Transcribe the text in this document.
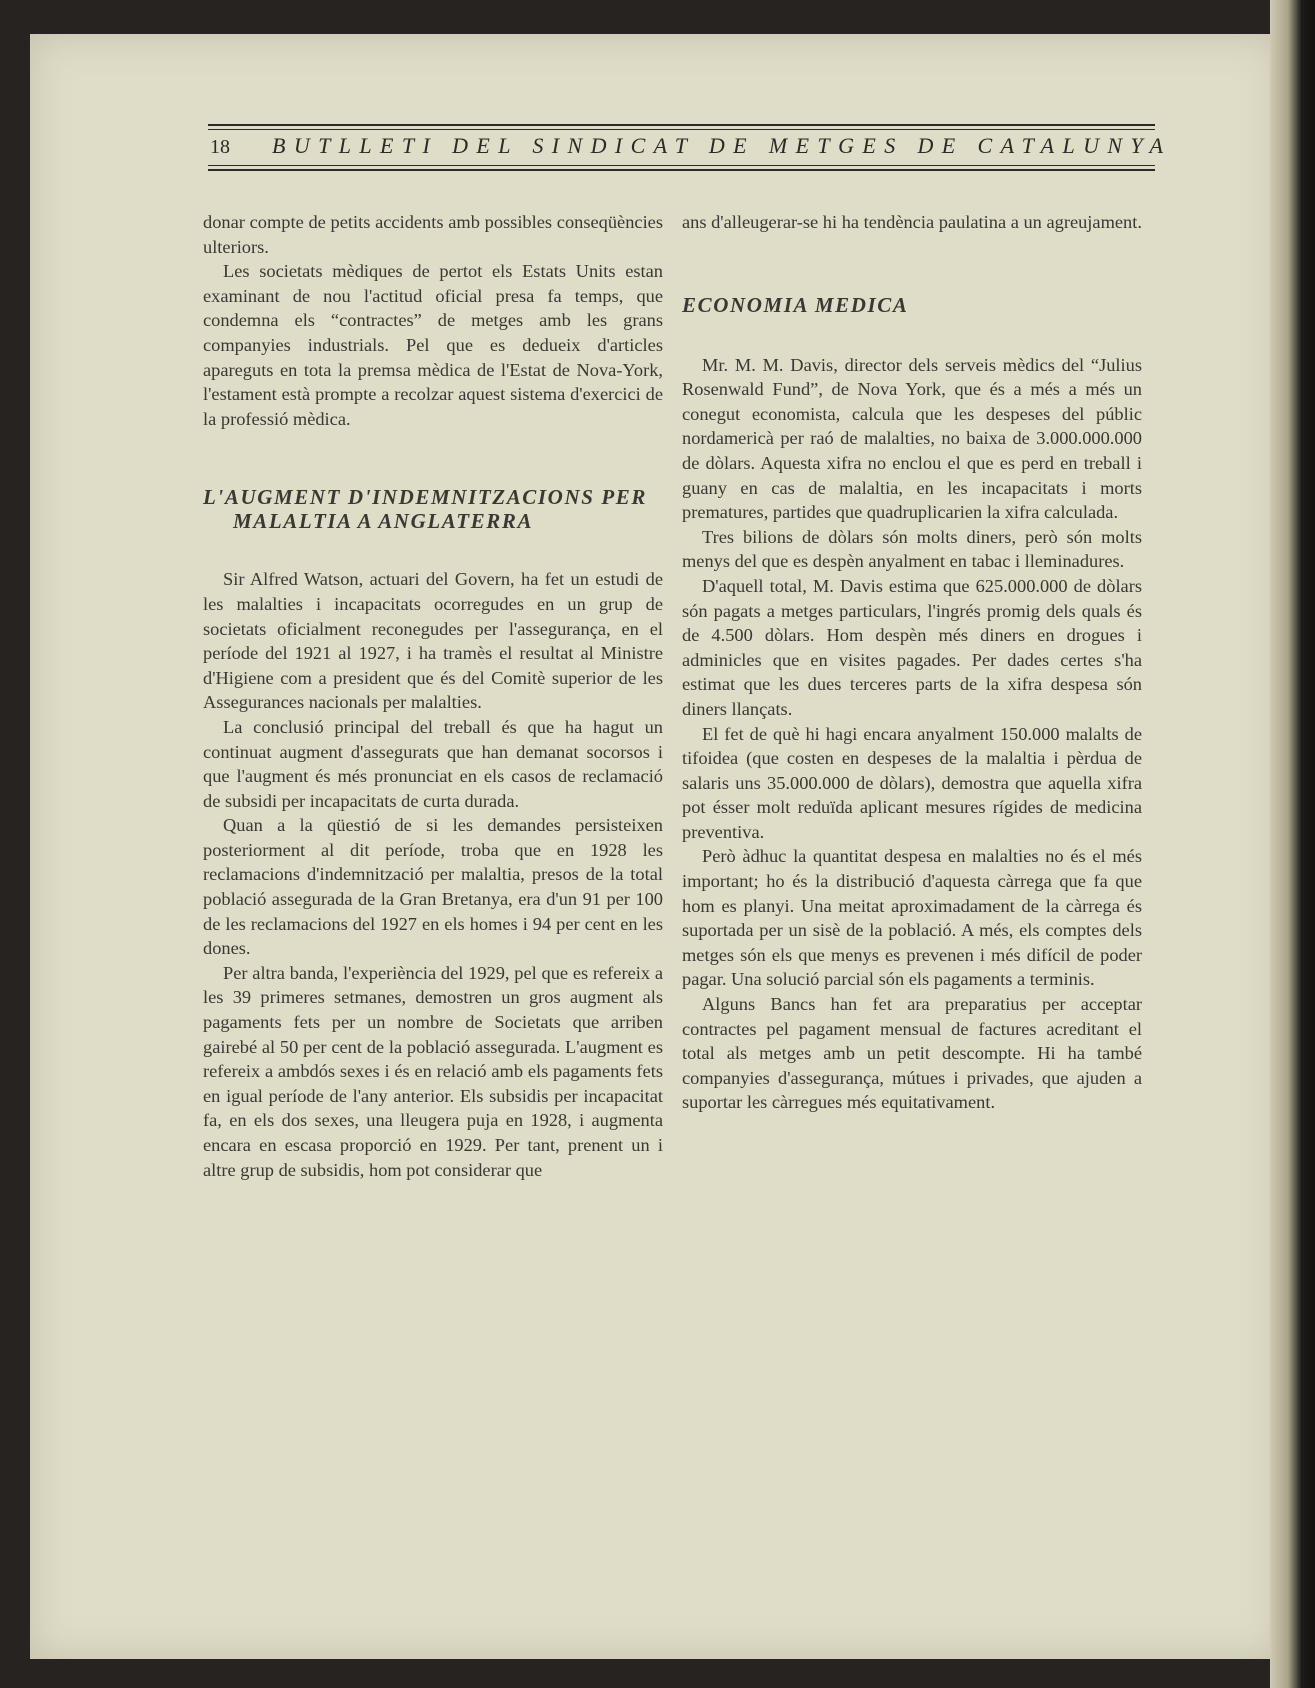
18 BUTLLETI DEL SINDICAT DE METGES DE CATALUNYA

donar compte de petits accidents amb possibles conseqüències ulteriors.

Les societats mèdiques de pertot els Estats Units estan examinant de nou l'actitud oficial presa fa temps, que condemna els “contractes” de metges amb les grans companyies industrials. Pel que es dedueix d'articles apareguts en tota la premsa mèdica de l'Estat de Nova-York, l'estament està prompte a recolzar aquest sistema d'exercici de la professió mèdica.

L'AUGMENT D'INDEMNITZACIONS PER
MALALTIA A ANGLATERRA

Sir Alfred Watson, actuari del Govern, ha fet un estudi de les malalties i incapacitats ocorregudes en un grup de societats oficialment reconegudes per l'assegurança, en el període del 1921 al 1927, i ha tramès el resultat al Ministre d'Higiene com a president que és del Comitè superior de les Assegurances nacionals per malalties.

La conclusió principal del treball és que ha hagut un continuat augment d'assegurats que han demanat socorsos i que l'augment és més pronunciat en els casos de reclamació de subsidi per incapacitats de curta durada.

Quan a la qüestió de si les demandes persisteixen posteriorment al dit període, troba que en 1928 les reclamacions d'indemnització per malaltia, presos de la total població assegurada de la Gran Bretanya, era d'un 91 per 100 de les reclamacions del 1927 en els homes i 94 per cent en les dones.

Per altra banda, l'experiència del 1929, pel que es refereix a les 39 primeres setmanes, demostren un gros augment als pagaments fets per un nombre de Societats que arriben gairebé al 50 per cent de la població assegurada. L'augment es refereix a ambdós sexes i és en relació amb els pagaments fets en igual període de l'any anterior. Els subsidis per incapacitat fa, en els dos sexes, una lleugera puja en 1928, i augmenta encara en escasa proporció en 1929. Per tant, prenent un i altre grup de subsidis, hom pot considerar que

ans d'alleugerar-se hi ha tendència paulatina a un agreujament.

ECONOMIA MEDICA

Mr. M. M. Davis, director dels serveis mèdics del “Julius Rosenwald Fund”, de Nova York, que és a més a més un conegut economista, calcula que les despeses del públic nordamericà per raó de malalties, no baixa de 3.000.000.000 de dòlars. Aquesta xifra no enclou el que es perd en treball i guany en cas de malaltia, en les incapacitats i morts prematures, partides que quadruplicarien la xifra calculada.

Tres bilions de dòlars són molts diners, però són molts menys del que es despèn anyalment en tabac i lleminadures.

D'aquell total, M. Davis estima que 625.000.000 de dòlars són pagats a metges particulars, l'ingrés promig dels quals és de 4.500 dòlars. Hom despèn més diners en drogues i adminicles que en visites pagades. Per dades certes s'ha estimat que les dues terceres parts de la xifra despesa són diners llançats.

El fet de què hi hagi encara anyalment 150.000 malalts de tifoidea (que costen en despeses de la malaltia i pèrdua de salaris uns 35.000.000 de dòlars), demostra que aquella xifra pot ésser molt reduïda aplicant mesures rígides de medicina preventiva.

Però àdhuc la quantitat despesa en malalties no és el més important; ho és la distribució d'aquesta càrrega que fa que hom es planyi. Una meitat aproximadament de la càrrega és suportada per un sisè de la població. A més, els comptes dels metges són els que menys es prevenen i més difícil de poder pagar. Una solució parcial són els pagaments a terminis.

Alguns Bancs han fet ara preparatius per acceptar contractes pel pagament mensual de factures acreditant el total als metges amb un petit descompte. Hi ha també companyies d'assegurança, mútues i privades, que ajuden a suportar les càrregues més equitativament.
